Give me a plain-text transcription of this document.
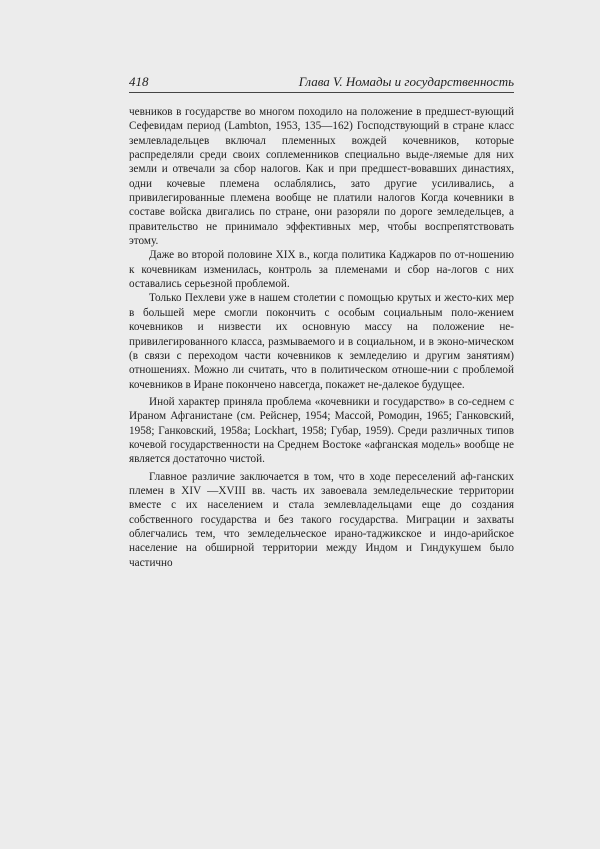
418	Глава V. Номады и государственность

чевников в государстве во многом походило на положение в предшест-вующий Сефевидам период (Lambton, 1953, 135—162) Господствующий в стране класс землевладельцев включал племенных вождей кочевников, которые распределяли среди своих соплеменников специально выде-ляемые для них земли и отвечали за сбор налогов. Как и при предшест-вовавших династиях, одни кочевые племена ослаблялись, зато другие усиливались, а привилегированные племена вообще не платили налогов Когда кочевники в составе войска двигались по стране, они разоряли по дороге земледельцев, а правительство не принимало эффективных мер, чтобы воспрепятствовать этому.

Даже во второй половине XIX в., когда политика Каджаров по от-ношению к кочевникам изменилась, контроль за племенами и сбор на-логов с них оставались серьезной проблемой.

Только Пехлеви уже в нашем столетии с помощью крутых и жесто-ких мер в большей мере смогли покончить с особым социальным поло-жением кочевников и низвести их основную массу на положение не-привилегированного класса, размываемого и в социальном, и в эконо-мическом (в связи с переходом части кочевников к земледелию и другим занятиям) отношениях. Можно ли считать, что в политическом отноше-нии с проблемой кочевников в Иране покончено навсегда, покажет не-далекое будущее.

Иной характер приняла проблема «кочевники и государство» в со-седнем с Ираном Афганистане (см. Рейснер, 1954; Массой, Ромодин, 1965; Ганковский, 1958; Ганковский, 1958а; Lockhart, 1958; Губар, 1959). Среди различных типов кочевой государственности на Среднем Востоке «афганская модель» вообще не является достаточно чистой.

Главное различие заключается в том, что в ходе переселений аф-ганских племен в XIV —XVIII вв. часть их завоевала земледельческие территории вместе с их населением и стала землевладельцами еще до создания собственного государства и без такого государства. Миграции и захваты облегчались тем, что земледельческое ирано-таджикское и индо-арийское население на обширной территории между Индом и Гиндукушем было частично
